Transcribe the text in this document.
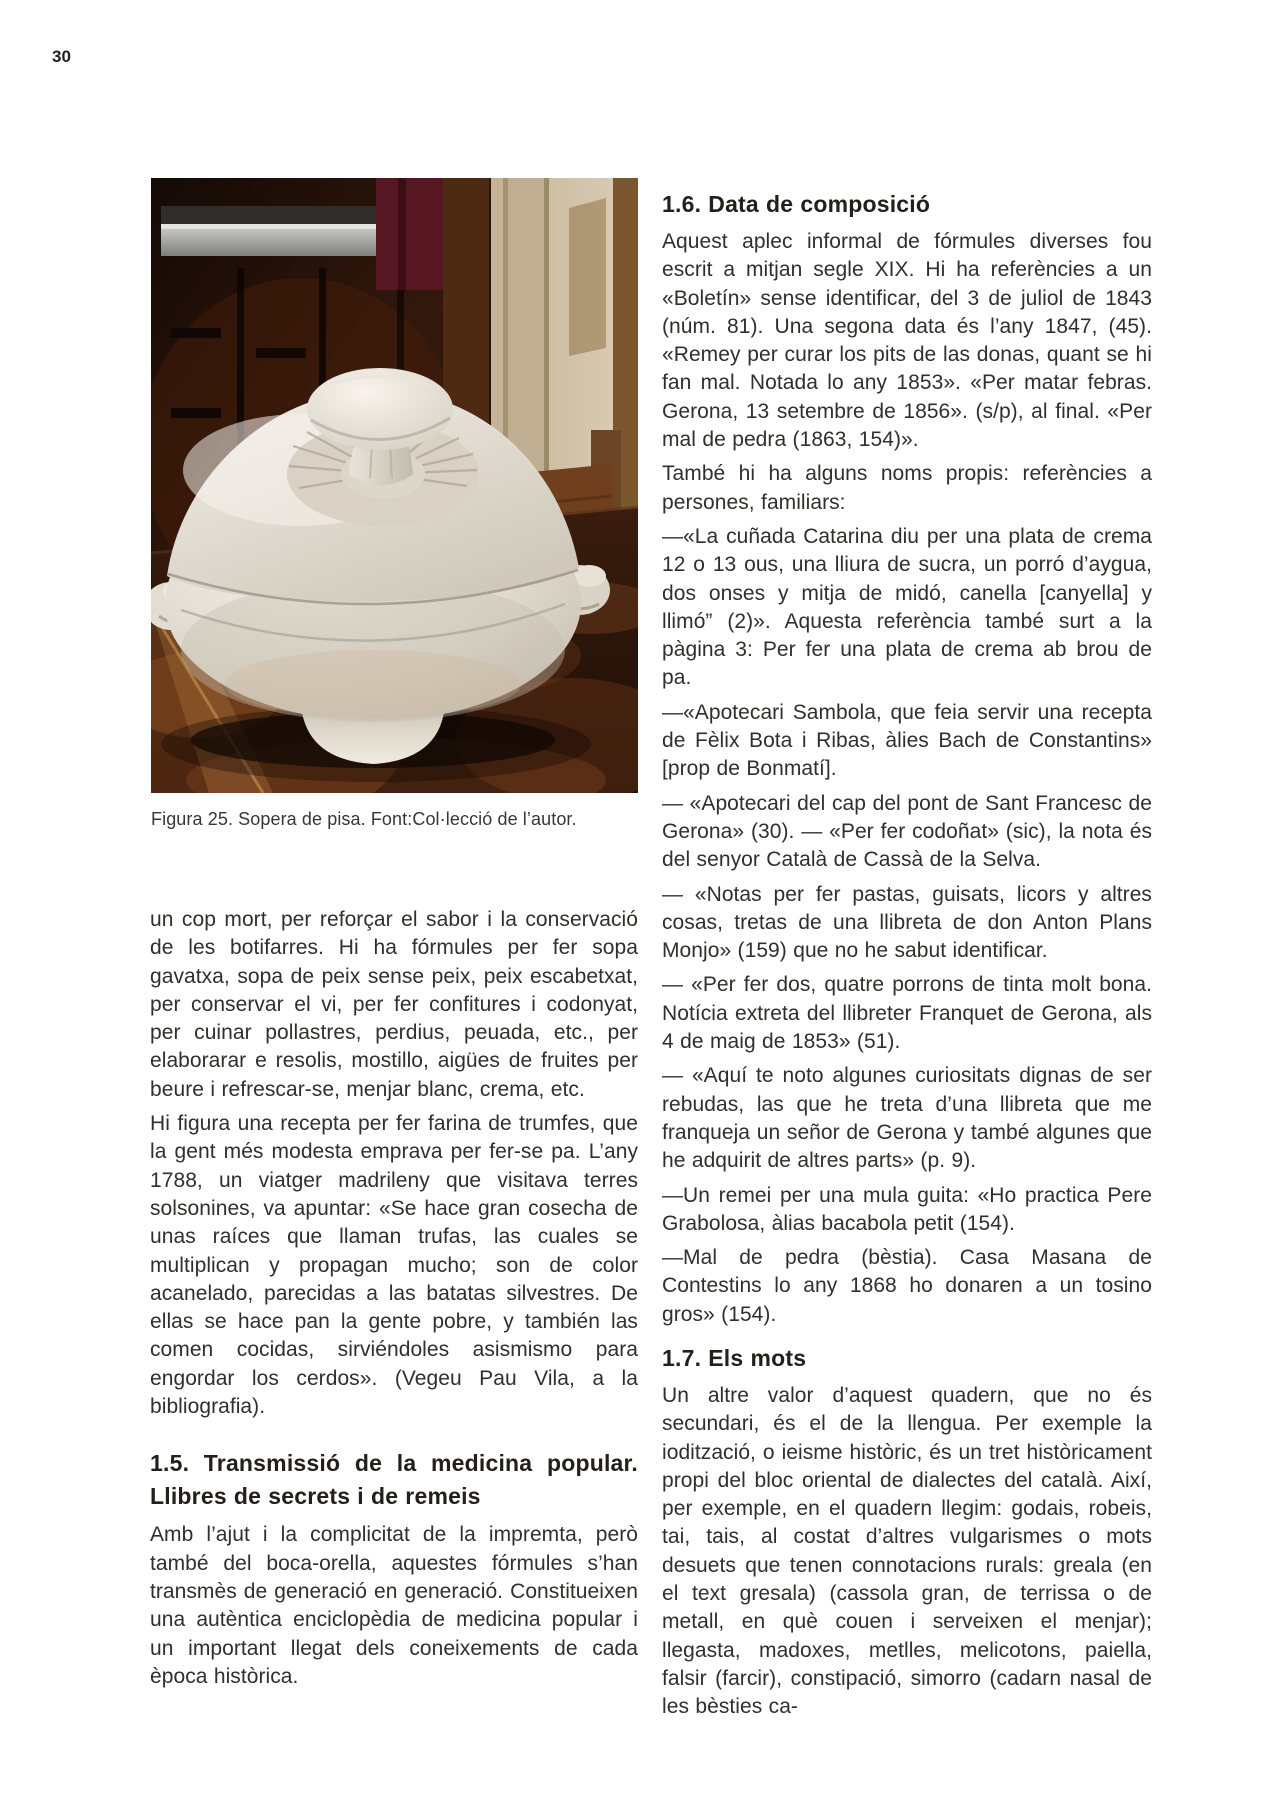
30
Figura 25. Sopera de pisa. Font:Col·lecció de l’autor.

un cop mort, per reforçar el sabor i la conservació de les botifarres. Hi ha fórmules per fer sopa gavatxa, sopa de peix sense peix, peix escabetxat, per conservar el vi, per fer confitures i codonyat, per cuinar pollastres, perdius, peuada, etc., per elaborarar e resolis, mostillo, aigües de fruites per beure i refrescar-se, menjar blanc, crema, etc.

Hi figura una recepta per fer farina de trumfes, que la gent més modesta emprava per fer-se pa. L’any 1788, un viatger madrileny que visitava terres solsonines, va apuntar: «Se hace gran cosecha de unas raíces que llaman trufas, las cuales se multiplican y propagan mucho; son de color acanelado, parecidas a las batatas silvestres. De ellas se hace pan la gente pobre, y también las comen cocidas, sirviéndoles asismismo para engordar los cerdos». (Vegeu Pau Vila, a la bibliografia).

1.5. Transmissió de la medicina popular.
Llibres de secrets i de remeis

Amb l’ajut i la complicitat de la impremta, però també del boca-orella, aquestes fórmules s’han transmès de generació en generació. Constitueixen una autèntica enciclopèdia de medicina popular i un important llegat dels coneixements de cada època històrica.

1.6. Data de composició

Aquest aplec informal de fórmules diverses fou escrit a mitjan segle XIX. Hi ha referències a un «Boletín» sense identificar, del 3 de juliol de 1843 (núm. 81). Una segona data és l’any 1847, (45). «Remey per curar los pits de las donas, quant se hi fan mal. Notada lo any 1853». «Per matar febras. Gerona, 13 setembre de 1856». (s/p), al final. «Per mal de pedra (1863, 154)».

També hi ha alguns noms propis: referències a persones, familiars:

—«La cuñada Catarina diu per una plata de crema 12 o 13 ous, una lliura de sucra, un porró d’aygua, dos onses y mitja de midó, canella [canyella] y llimó” (2)». Aquesta referència també surt a la pàgina 3: Per fer una plata de crema ab brou de pa.

—«Apotecari Sambola, que feia servir una recepta de Fèlix Bota i Ribas, àlies Bach de Constantins» [prop de Bonmatí].

— «Apotecari del cap del pont de Sant Francesc de Gerona» (30). — «Per fer codoñat» (sic), la nota és del senyor Català de Cassà de la Selva.

— «Notas per fer pastas, guisats, licors y altres cosas, tretas de una llibreta de don Anton Plans Monjo» (159) que no he sabut identificar.

— «Per fer dos, quatre porrons de tinta molt bona. Notícia extreta del llibreter Franquet de Gerona, als 4 de maig de 1853» (51).

— «Aquí te noto algunes curiositats dignas de ser rebudas, las que he treta d’una llibreta que me franqueja un señor de Gerona y també algunes que he adquirit de altres parts» (p. 9).

—Un remei per una mula guita: «Ho practica Pere Grabolosa, àlias bacabola petit (154).

—Mal de pedra (bèstia). Casa Masana de Contestins lo any 1868 ho donaren a un tosino gros» (154).

1.7. Els mots

Un altre valor d’aquest quadern, que no és secundari, és el de la llengua. Per exemple la iodització, o ieisme històric, és un tret històricament propi del bloc oriental de dialectes del català. Així, per exemple, en el quadern llegim: godais, robeis, tai, tais, al costat d’altres vulgarismes o mots desuets que tenen connotacions rurals: greala (en el text gresala) (cassola gran, de terrissa o de metall, en què couen i serveixen el menjar); llegasta, madoxes, metlles, melicotons, paiella, falsir (farcir), constipació, simorro (cadarn nasal de les bèsties ca-
